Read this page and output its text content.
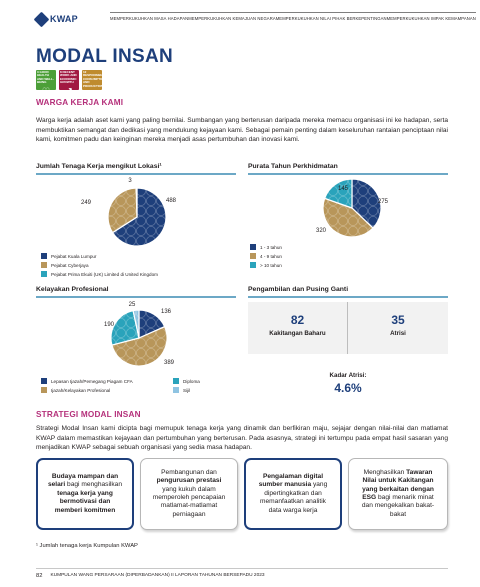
KWAP	MEMPERKUKUHKAN MASA HADAPAN MEMPERKUKUHKAN KEMAJUAN NEGARA MEMPERKUKUHKAN NILAI PIHAK BERKEPENTINGAN MEMPERKUKUHKAN IMPAK KEMAMPANAN
MODAL INSAN
3 GOOD HEALTH AND WELL-BEING
♡
8 DECENT WORK AND ECONOMIC GROWTH
↗
12 RESPONSIBLE CONSUMPTION AND PRODUCTION
∞
WARGA KERJA KAMI
Warga kerja adalah aset kami yang paling bernilai. Sumbangan yang berterusan daripada mereka memacu organisasi ini ke hadapan, serta membuktikan semangat dan dedikasi yang mendukung kejayaan kami. Sebagai pemain penting dalam keseluruhan rantaian penciptaan nilai kami, komitmen padu dan keinginan mereka menjadi asas pertumbuhan dan inovasi kami.
Jumlah Tenaga Kerja mengikut Lokasi¹
488
249
3
Pejabat Kuala Lumpur
Pejabat Cyberjaya
Pejabat Prima Ekuiti (UK) Limited di United Kingdom
Purata Tahun Perkhidmatan
275
320
145
1 - 3 tahun
4 - 9 tahun
> 10 tahun
Kelayakan Profesional
136
389
190
25
Lepasan Ijazah/Pemegang Piagam CFA	Diploma
Ijazah/Kelayakan Profesional	Sijil
Pengambilan dan Pusing Ganti
82
Kakitangan Baharu
35
Atrisi
Kadar Atrisi:
4.6%
STRATEGI MODAL INSAN
Strategi Modal Insan kami dicipta bagi memupuk tenaga kerja yang dinamik dan berfikiran maju, sejajar dengan nilai-nilai dan matlamat KWAP dalam memastikan kejayaan dan pertumbuhan yang berterusan. Pada asasnya, strategi ini tertumpu pada empat hasil sasaran yang menjadikan KWAP sebagai sebuah organisasi yang sedia masa hadapan.
Budaya mampan dan selari bagi menghasilkan tenaga kerja yang bermotivasi dan memberi komitmen
Pembangunan dan pengurusan prestasi yang kukuh dalam memperoleh pencapaian matlamat-matlamat perniagaan
Pengalaman digital sumber manusia yang dipertingkatkan dan memanfaatkan analitik data warga kerja
Menghasilkan Tawaran Nilai untuk Kakitangan yang berkaitan dengan ESG bagi menarik minat dan mengekalkan bakat-bakat
¹ Jumlah tenaga kerja Kumpulan KWAP
82 KUMPULAN WANG PERSARAAN (DIPERBADANKAN) II LAPORAN TAHUNAN BERSEPADU 2023
